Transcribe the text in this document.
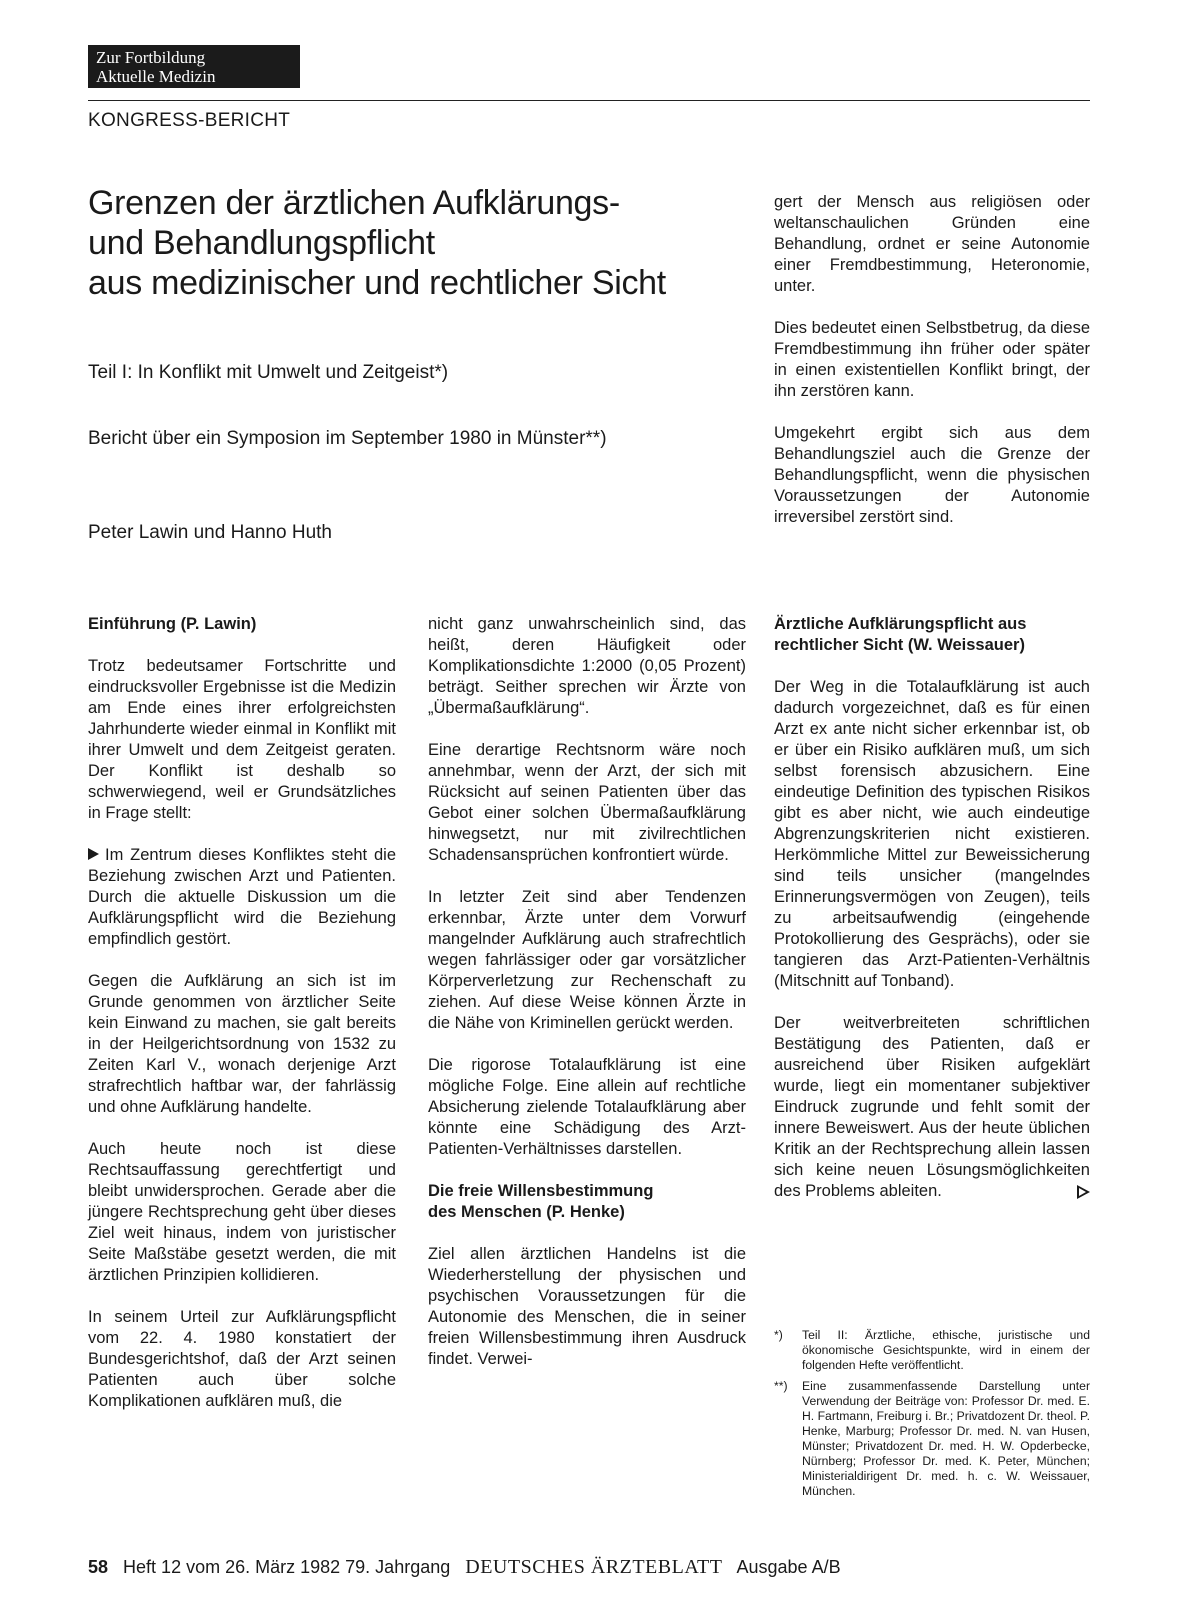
Zur Fortbildung
Aktuelle Medizin
KONGRESS-BERICHT
Grenzen der ärztlichen Aufklärungs-
und Behandlungspflicht
aus medizinischer und rechtlicher Sicht
Teil I: In Konflikt mit Umwelt und Zeitgeist*)
Bericht über ein Symposion im September 1980 in Münster**)
Peter Lawin und Hanno Huth

gert der Mensch aus religiösen oder weltanschaulichen Gründen eine Behandlung, ordnet er seine Autonomie einer Fremdbestimmung, Heteronomie, unter.

Dies bedeutet einen Selbstbetrug, da diese Fremdbestimmung ihn früher oder später in einen existentiellen Konflikt bringt, der ihn zerstören kann.

Umgekehrt ergibt sich aus dem Behandlungsziel auch die Grenze der Behandlungspflicht, wenn die physischen Voraussetzungen der Autonomie irreversibel zerstört sind.

Einführung (P. Lawin)

Trotz bedeutsamer Fortschritte und eindrucksvoller Ergebnisse ist die Medizin am Ende eines ihrer erfolgreichsten Jahrhunderte wieder einmal in Konflikt mit ihrer Umwelt und dem Zeitgeist geraten. Der Konflikt ist deshalb so schwerwiegend, weil er Grundsätzliches in Frage stellt:

Im Zentrum dieses Konfliktes steht die Beziehung zwischen Arzt und Patienten. Durch die aktuelle Diskussion um die Aufklärungspflicht wird die Beziehung empfindlich gestört.

Gegen die Aufklärung an sich ist im Grunde genommen von ärztlicher Seite kein Einwand zu machen, sie galt bereits in der Heilgerichtsordnung von 1532 zu Zeiten Karl V., wonach derjenige Arzt strafrechtlich haftbar war, der fahrlässig und ohne Aufklärung handelte.

Auch heute noch ist diese Rechtsauffassung gerechtfertigt und bleibt unwidersprochen. Gerade aber die jüngere Rechtsprechung geht über dieses Ziel weit hinaus, indem von juristischer Seite Maßstäbe gesetzt werden, die mit ärztlichen Prinzipien kollidieren.

In seinem Urteil zur Aufklärungspflicht vom 22. 4. 1980 konstatiert der Bundesgerichtshof, daß der Arzt seinen Patienten auch über solche Komplikationen aufklären muß, die

nicht ganz unwahrscheinlich sind, das heißt, deren Häufigkeit oder Komplikationsdichte 1:2000 (0,05 Prozent) beträgt. Seither sprechen wir Ärzte von „Übermaßaufklärung“.

Eine derartige Rechtsnorm wäre noch annehmbar, wenn der Arzt, der sich mit Rücksicht auf seinen Patienten über das Gebot einer solchen Übermaßaufklärung hinwegsetzt, nur mit zivilrechtlichen Schadensansprüchen konfrontiert würde.

In letzter Zeit sind aber Tendenzen erkennbar, Ärzte unter dem Vorwurf mangelnder Aufklärung auch strafrechtlich wegen fahrlässiger oder gar vorsätzlicher Körperverletzung zur Rechenschaft zu ziehen. Auf diese Weise können Ärzte in die Nähe von Kriminellen gerückt werden.

Die rigorose Totalaufklärung ist eine mögliche Folge. Eine allein auf rechtliche Absicherung zielende Totalaufklärung aber könnte eine Schädigung des Arzt-Patienten-Verhältnisses darstellen.

Die freie Willensbestimmung
des Menschen (P. Henke)

Ziel allen ärztlichen Handelns ist die Wiederherstellung der physischen und psychischen Voraussetzungen für die Autonomie des Menschen, die in seiner freien Willensbestimmung ihren Ausdruck findet. Verwei-

Ärztliche Aufklärungspflicht aus
rechtlicher Sicht (W. Weissauer)

Der Weg in die Totalaufklärung ist auch dadurch vorgezeichnet, daß es für einen Arzt ex ante nicht sicher erkennbar ist, ob er über ein Risiko aufklären muß, um sich selbst forensisch abzusichern. Eine eindeutige Definition des typischen Risikos gibt es aber nicht, wie auch eindeutige Abgrenzungskriterien nicht existieren. Herkömmliche Mittel zur Beweissicherung sind teils unsicher (mangelndes Erinnerungsvermögen von Zeugen), teils zu arbeitsaufwendig (eingehende Protokollierung des Gesprächs), oder sie tangieren das Arzt-Patienten-Verhältnis (Mitschnitt auf Tonband).

Der weitverbreiteten schriftlichen Bestätigung des Patienten, daß er ausreichend über Risiken aufgeklärt wurde, liegt ein momentaner subjektiver Eindruck zugrunde und fehlt somit der innere Beweiswert. Aus der heute üblichen Kritik an der Rechtsprechung allein lassen sich keine neuen Lösungsmöglichkeiten des Problems ableiten.

*)	Teil II: Ärztliche, ethische, juristische und ökonomische Gesichtspunkte, wird in einem der folgenden Hefte veröffentlicht.
**)	Eine zusammenfassende Darstellung unter Verwendung der Beiträge von: Professor Dr. med. E. H. Fartmann, Freiburg i. Br.; Privatdozent Dr. theol. P. Henke, Marburg; Professor Dr. med. N. van Husen, Münster; Privatdozent Dr. med. H. W. Opderbecke, Nürnberg; Professor Dr. med. K. Peter, München; Ministerialdirigent Dr. med. h. c. W. Weissauer, München.
58 Heft 12 vom 26. März 1982 79. Jahrgang DEUTSCHES ÄRZTEBLATT Ausgabe A/B
